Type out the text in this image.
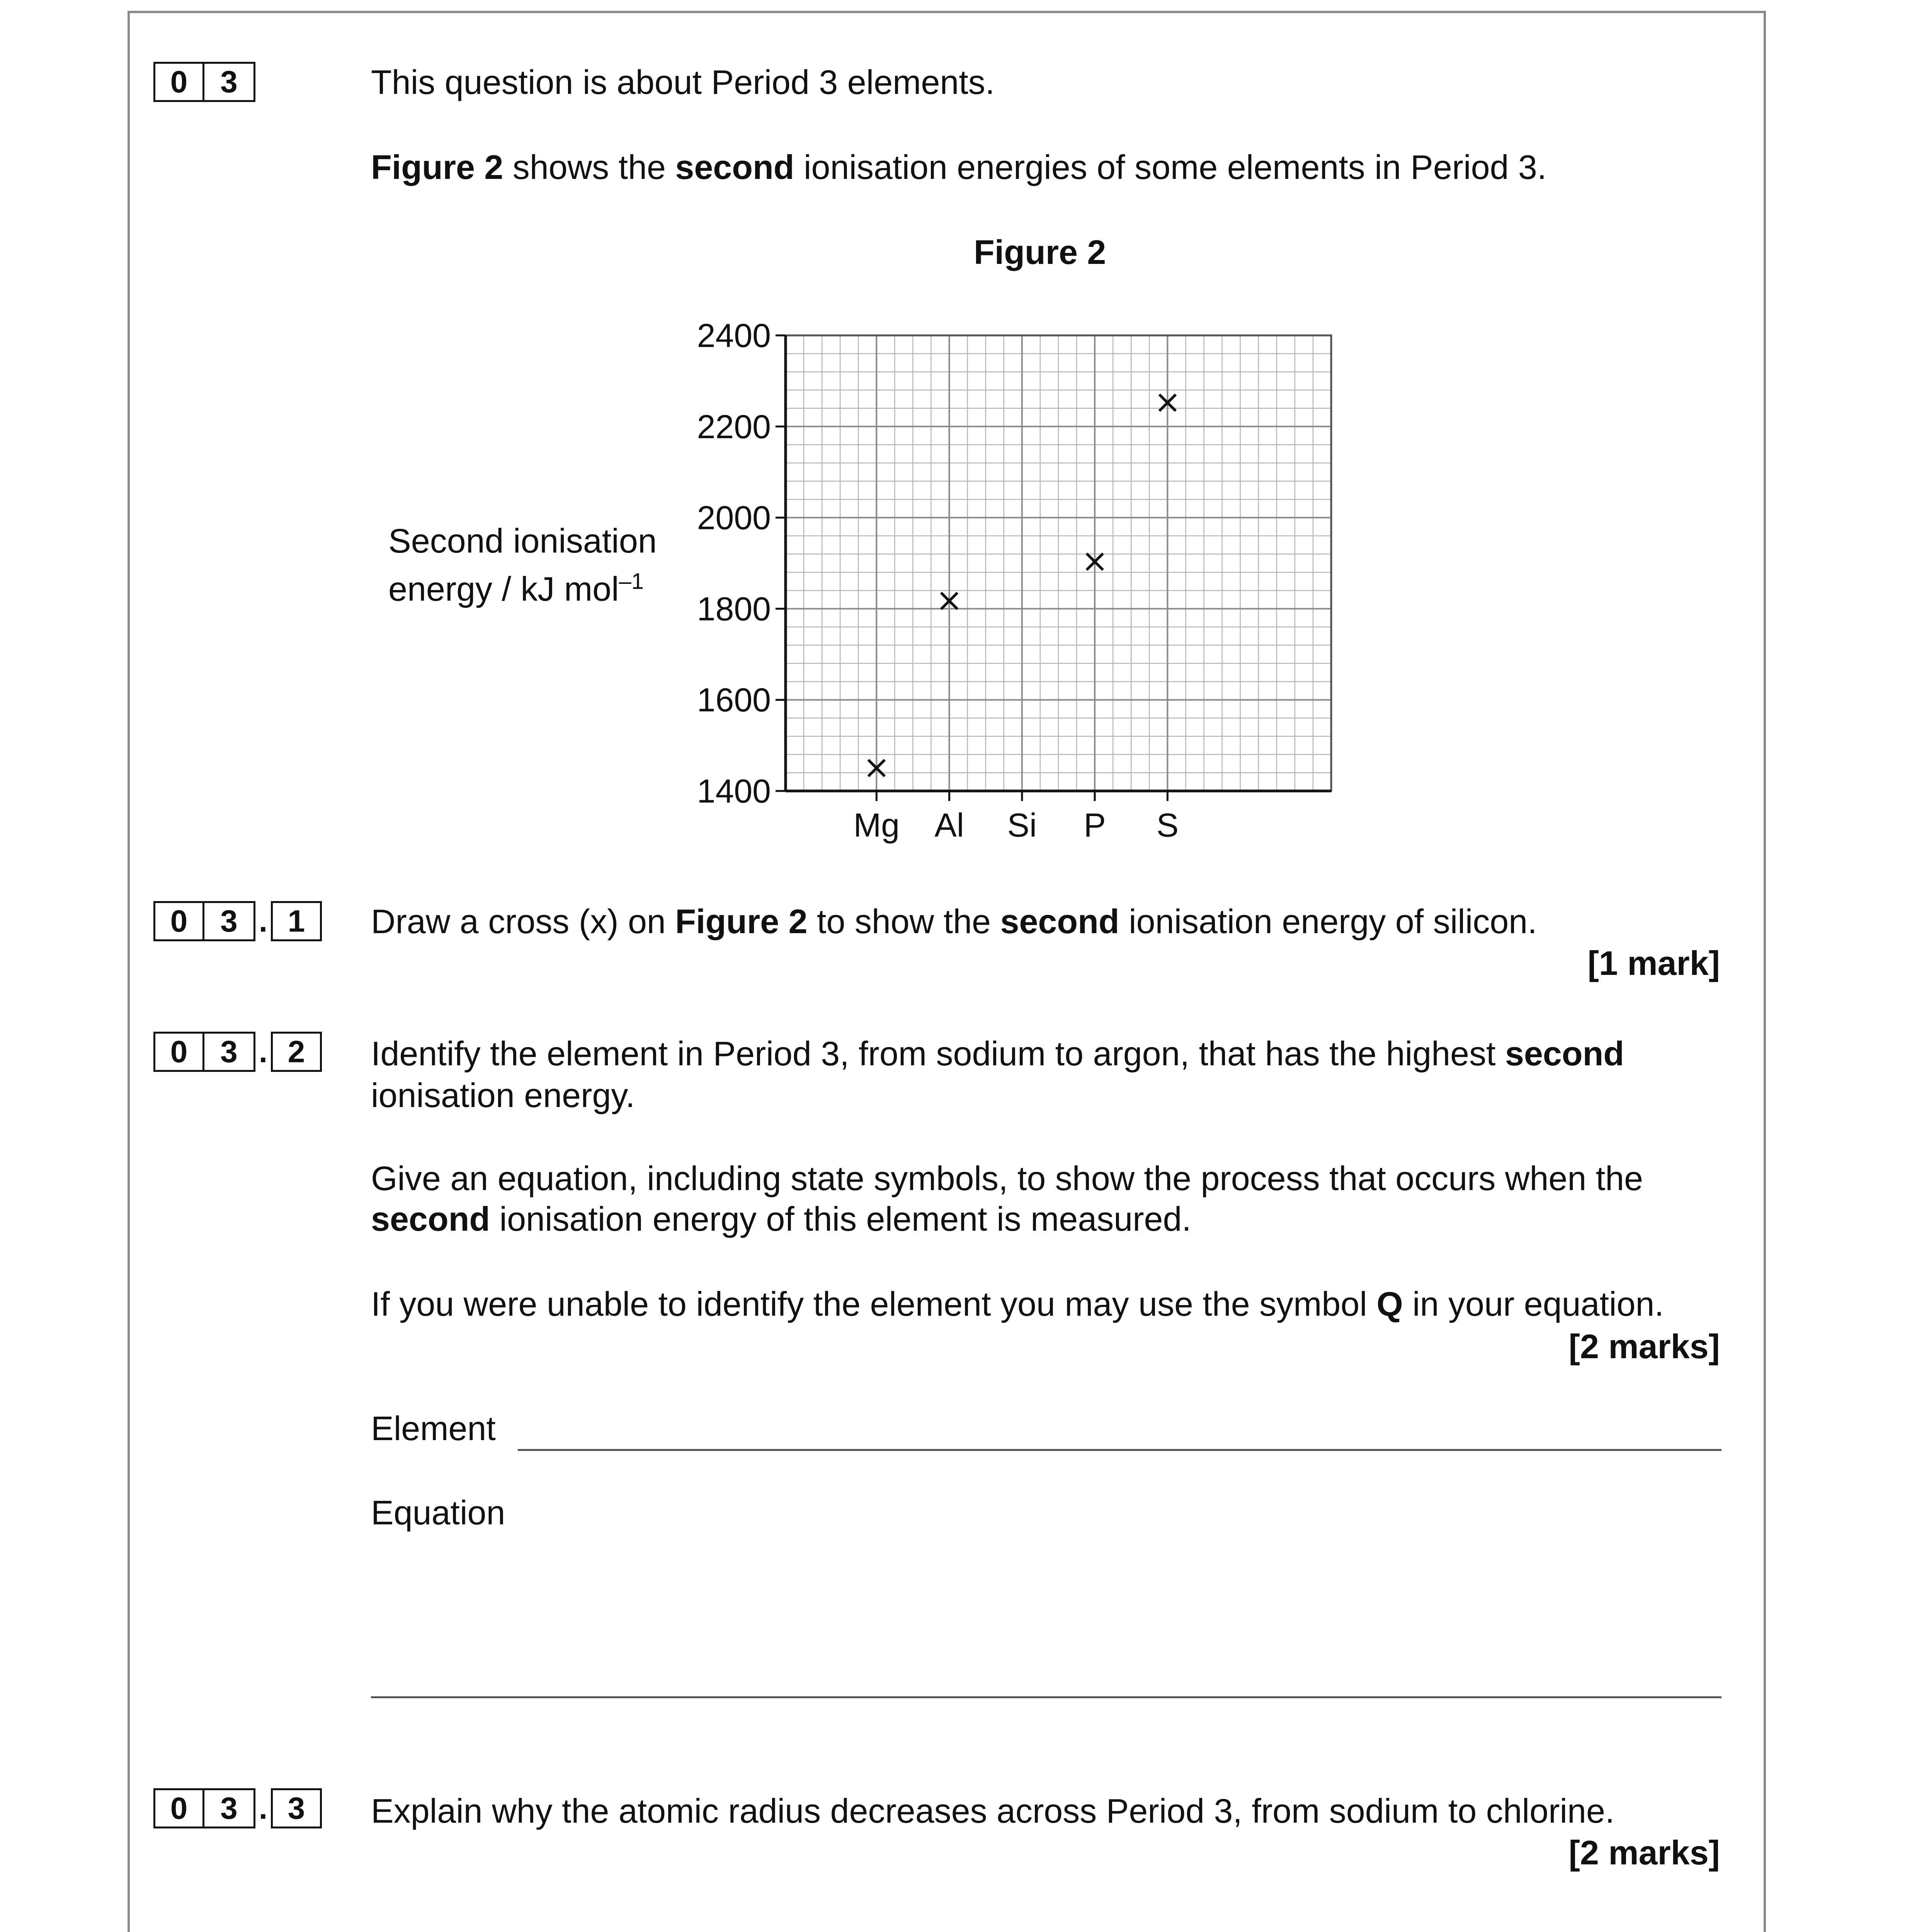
0	3	This question is about Period 3 elements.
Figure 2 shows the second ionisation energies of some elements in Period 3.
Figure 2
Second ionisation
energy / kJ mol$^{-1}$
1400
1600
1800
2000
2200
2400
Mg Al Si P S
×
×
×
×
0	3 . 1	Draw a cross (x) on Figure 2 to show the second ionisation energy of silicon.
[1 mark]
0	3 . 2	Identify the element in Period 3, from sodium to argon, that has the highest second
ionisation energy.
Give an equation, including state symbols, to show the process that occurs when the
second ionisation energy of this element is measured.
If you were unable to identify the element you may use the symbol Q in your equation.
[2 marks]
Element
Equation
0	3 . 3	Explain why the atomic radius decreases across Period 3, from sodium to chlorine.
[2 marks]
